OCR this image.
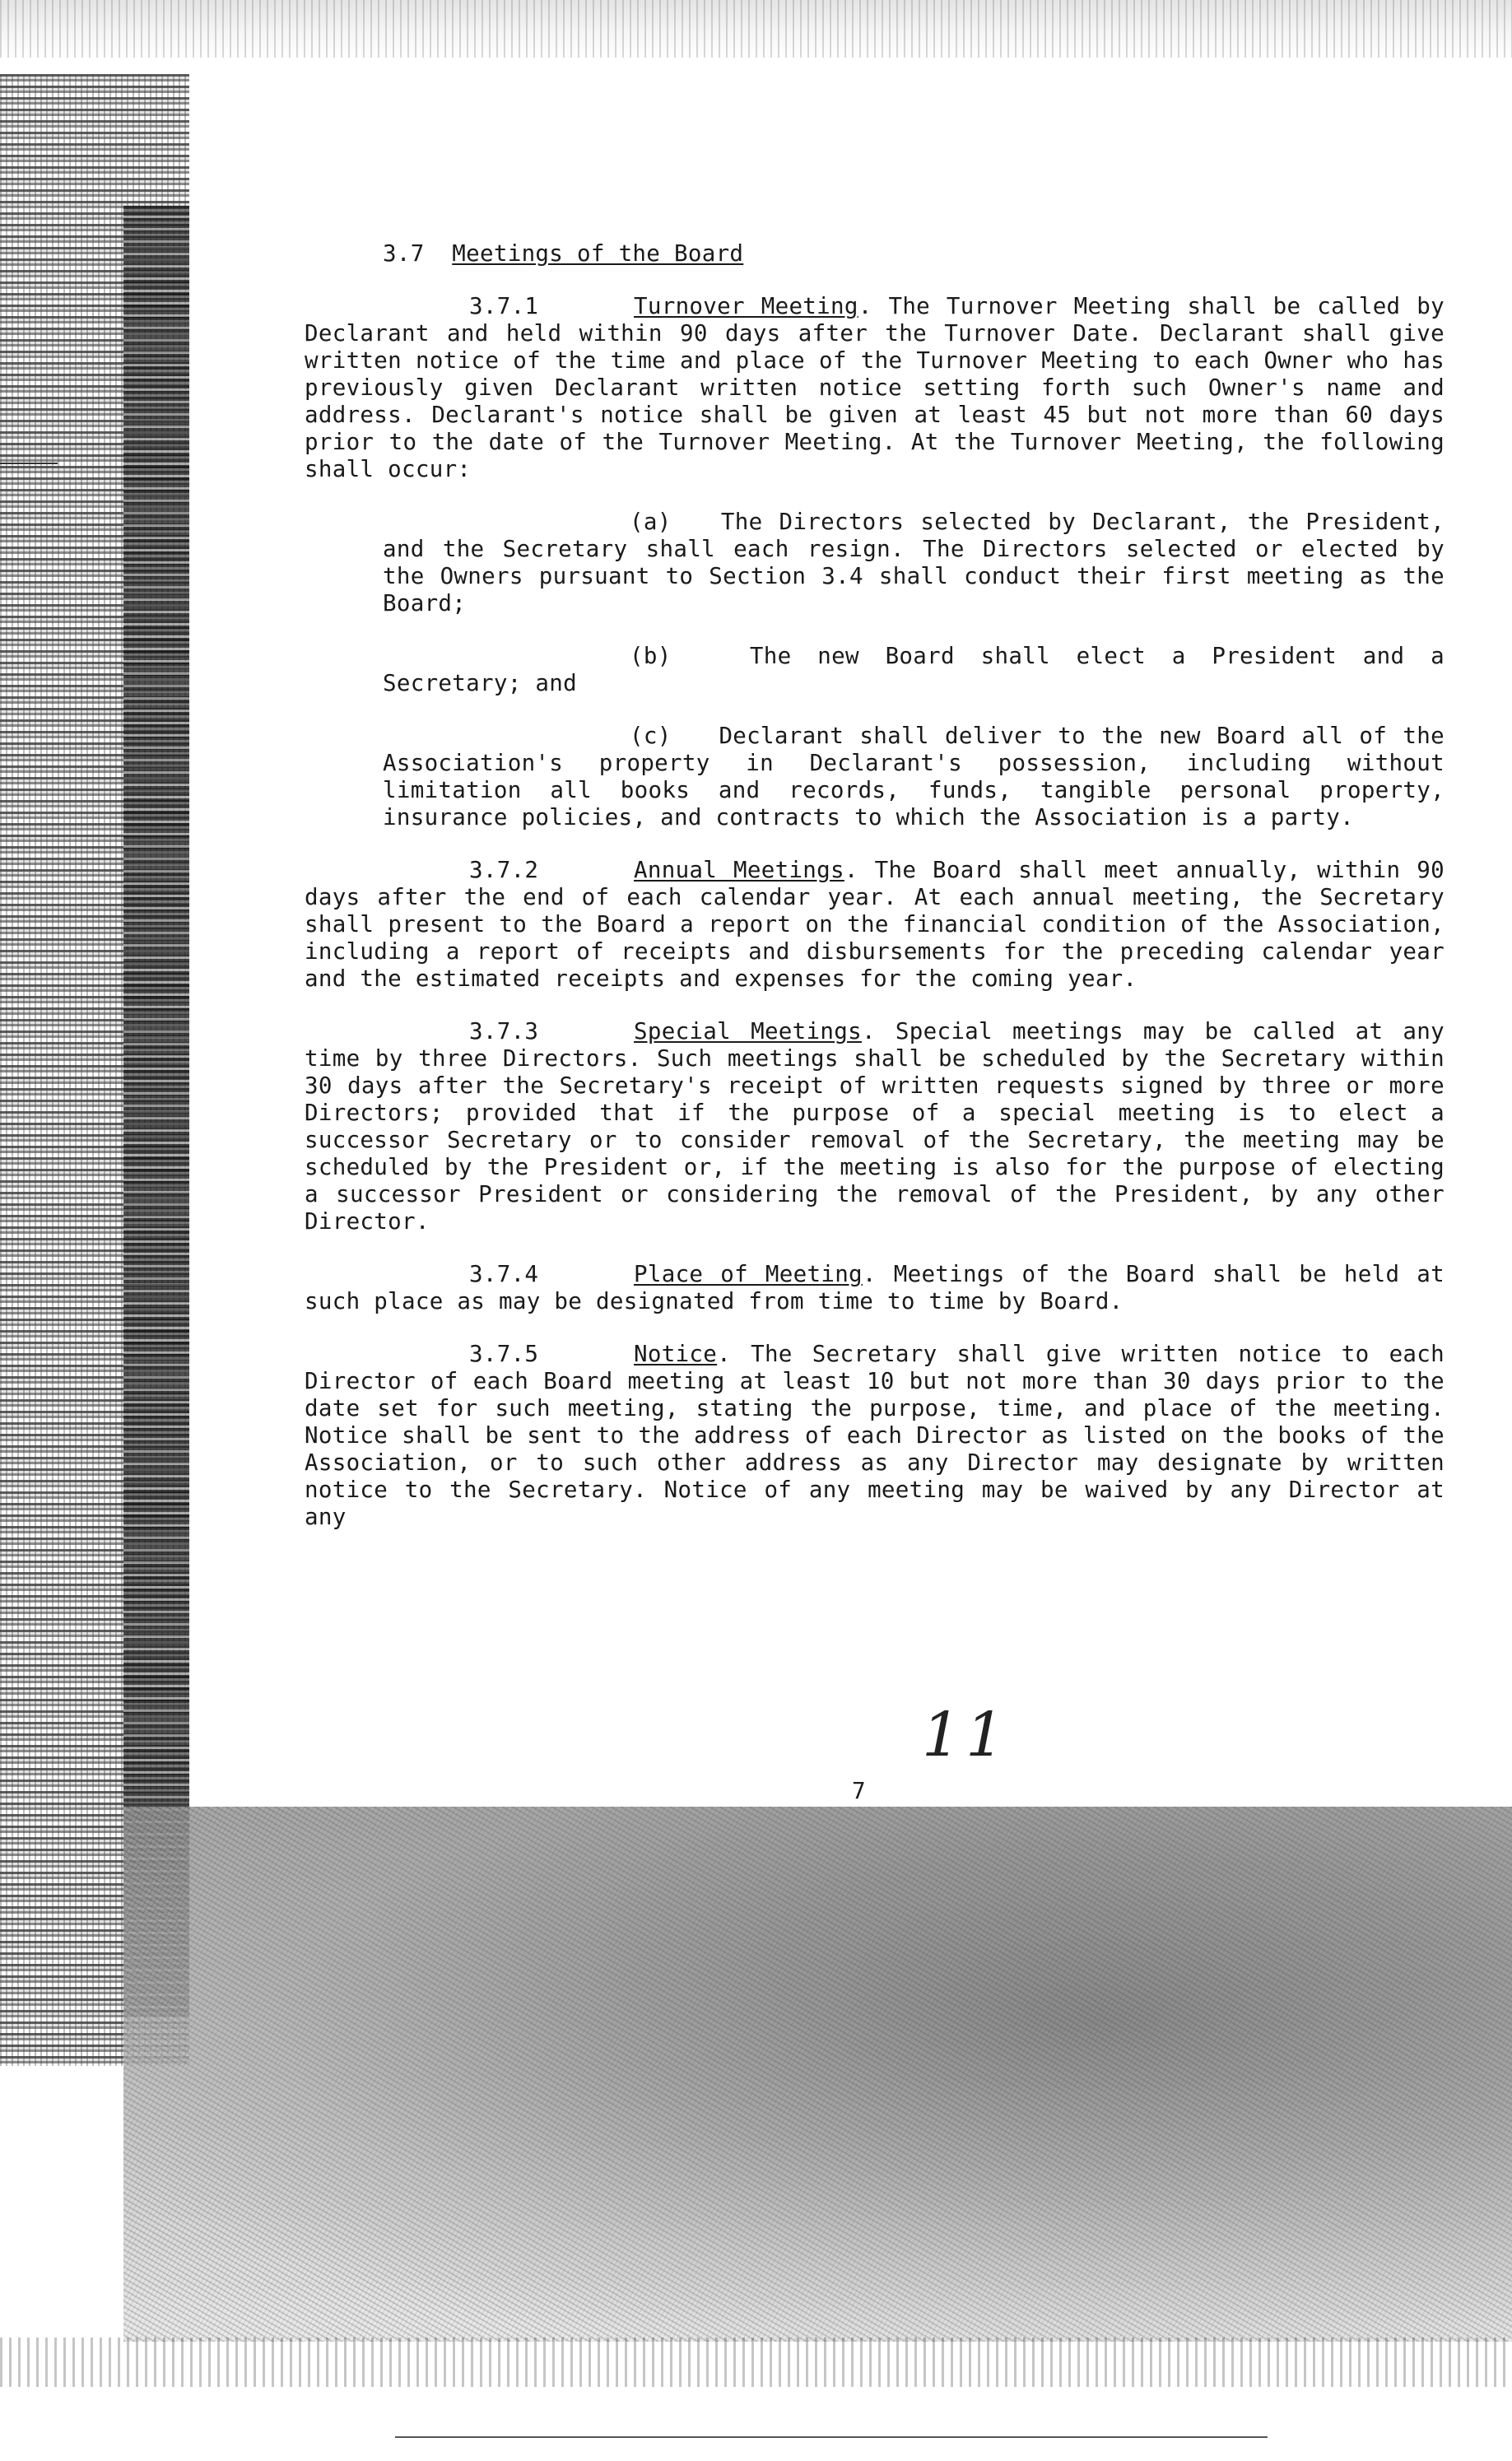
3.7 Meetings of the Board

3.7.1	Turnover Meeting. The Turnover Meeting shall be called by Declarant and held within 90 days after the Turnover Date. Declarant shall give written notice of the time and place of the Turnover Meeting to each Owner who has previously given Declarant written notice setting forth such Owner's name and address. Declarant's notice shall be given at least 45 but not more than 60 days prior to the date of the Turnover Meeting. At the Turnover Meeting, the following shall occur:

(a) The Directors selected by Declarant, the President, and the Secretary shall each resign. The Directors selected or elected by the Owners pursuant to Section 3.4 shall conduct their first meeting as the Board;

(b)	The new Board shall elect a President and a Secretary; and

(c) Declarant shall deliver to the new Board all of the Association's property in Declarant's possession, including without limitation all books and records, funds, tangible personal property, insurance policies, and contracts to which the Association is a party.

3.7.2	Annual Meetings. The Board shall meet annually, within 90 days after the end of each calendar year. At each annual meeting, the Secretary shall present to the Board a report on the financial condition of the Association, including a report of receipts and disbursements for the preceding calendar year and the estimated receipts and expenses for the coming year.

3.7.3	Special Meetings. Special meetings may be called at any time by three Directors. Such meetings shall be scheduled by the Secretary within 30 days after the Secretary's receipt of written requests signed by three or more Directors; provided that if the purpose of a special meeting is to elect a successor Secretary or to consider removal of the Secretary, the meeting may be scheduled by the President or, if the meeting is also for the purpose of electing a successor President or considering the removal of the President, by any other Director.

3.7.4	Place of Meeting. Meetings of the Board shall be held at such place as may be designated from time to time by Board.

3.7.5	Notice. The Secretary shall give written notice to each Director of each Board meeting at least 10 but not more than 30 days prior to the date set for such meeting, stating the purpose, time, and place of the meeting. Notice shall be sent to the address of each Director as listed on the books of the Association, or to such other address as any Director may designate by written notice to the Secretary. Notice of any meeting may be waived by any Director at any

11
7
